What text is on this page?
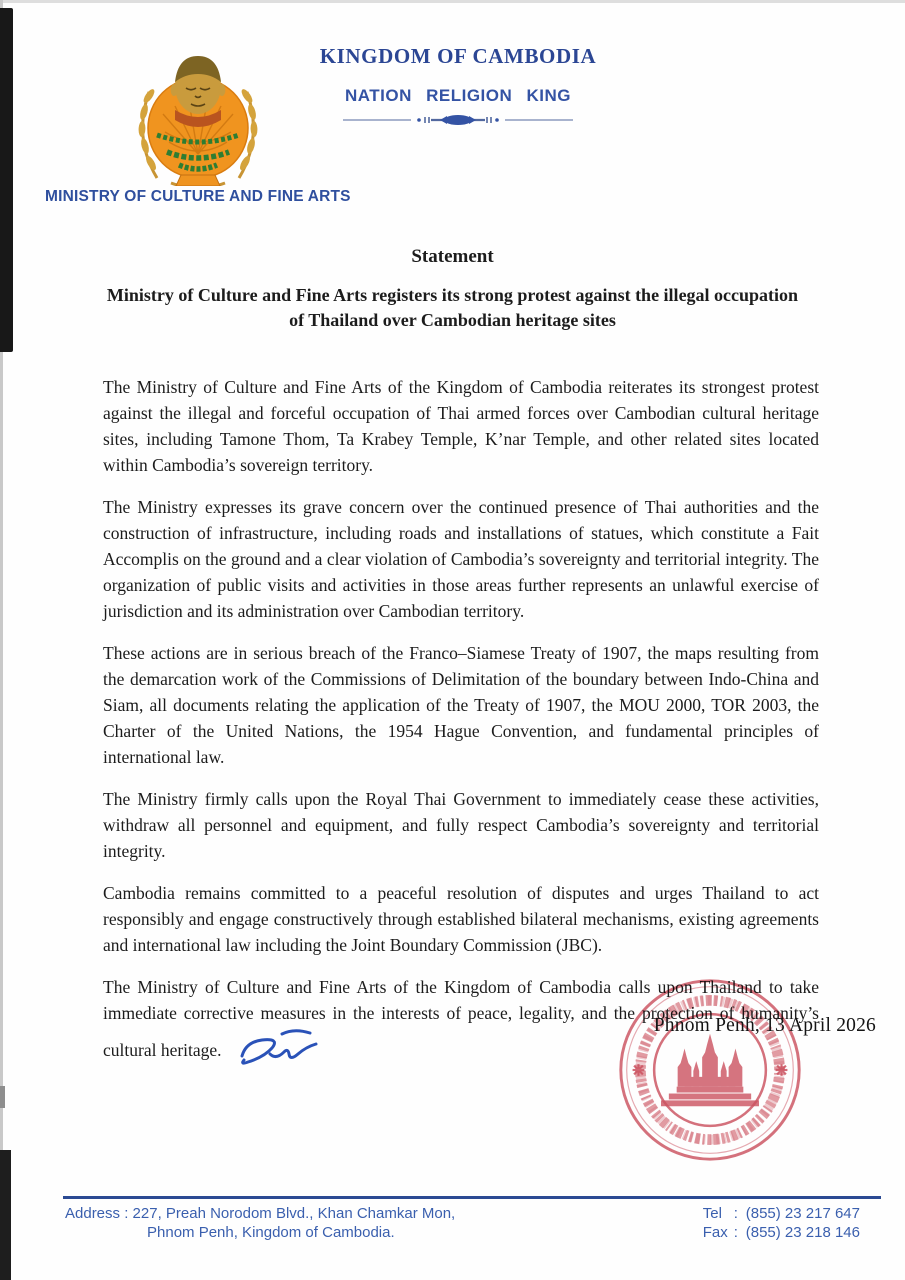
KINGDOM OF CAMBODIA
NATION RELIGION KING
MINISTRY OF CULTURE AND FINE ARTS
Statement
Ministry of Culture and Fine Arts registers its strong protest against the illegal occupation
of Thailand over Cambodian heritage sites

The Ministry of Culture and Fine Arts of the Kingdom of Cambodia reiterates its strongest protest against the illegal and forceful occupation of Thai armed forces over Cambodian cultural heritage sites, including Tamone Thom, Ta Krabey Temple, K’nar Temple, and other related sites located within Cambodia’s sovereign territory.

The Ministry expresses its grave concern over the continued presence of Thai authorities and the construction of infrastructure, including roads and installations of statues, which constitute a Fait Accomplis on the ground and a clear violation of Cambodia’s sovereignty and territorial integrity. The organization of public visits and activities in those areas further represents an unlawful exercise of jurisdiction and its administration over Cambodian territory.

These actions are in serious breach of the Franco–Siamese Treaty of 1907, the maps resulting from the demarcation work of the Commissions of Delimitation of the boundary between Indo-China and Siam, all documents relating the application of the Treaty of 1907, the MOU 2000, TOR 2003, the Charter of the United Nations, the 1954 Hague Convention, and fundamental principles of international law.

The Ministry firmly calls upon the Royal Thai Government to immediately cease these activities, withdraw all personnel and equipment, and fully respect Cambodia’s sovereignty and territorial integrity.

Cambodia remains committed to a peaceful resolution of disputes and urges Thailand to act responsibly and engage constructively through established bilateral mechanisms, existing agreements and international law including the Joint Boundary Commission (JBC).

The Ministry of Culture and Fine Arts of the Kingdom of Cambodia calls upon Thailand to take immediate corrective measures in the interests of peace, legality, and the protection of humanity’s cultural heritage.

Phnom Penh, 13 April 2026
Address : 227, Preah Norodom Blvd., Khan Chamkar Mon,
Phnom Penh, Kingdom of Cambodia.
Tel : (855) 23 217 647
Fax : (855) 23 218 146
